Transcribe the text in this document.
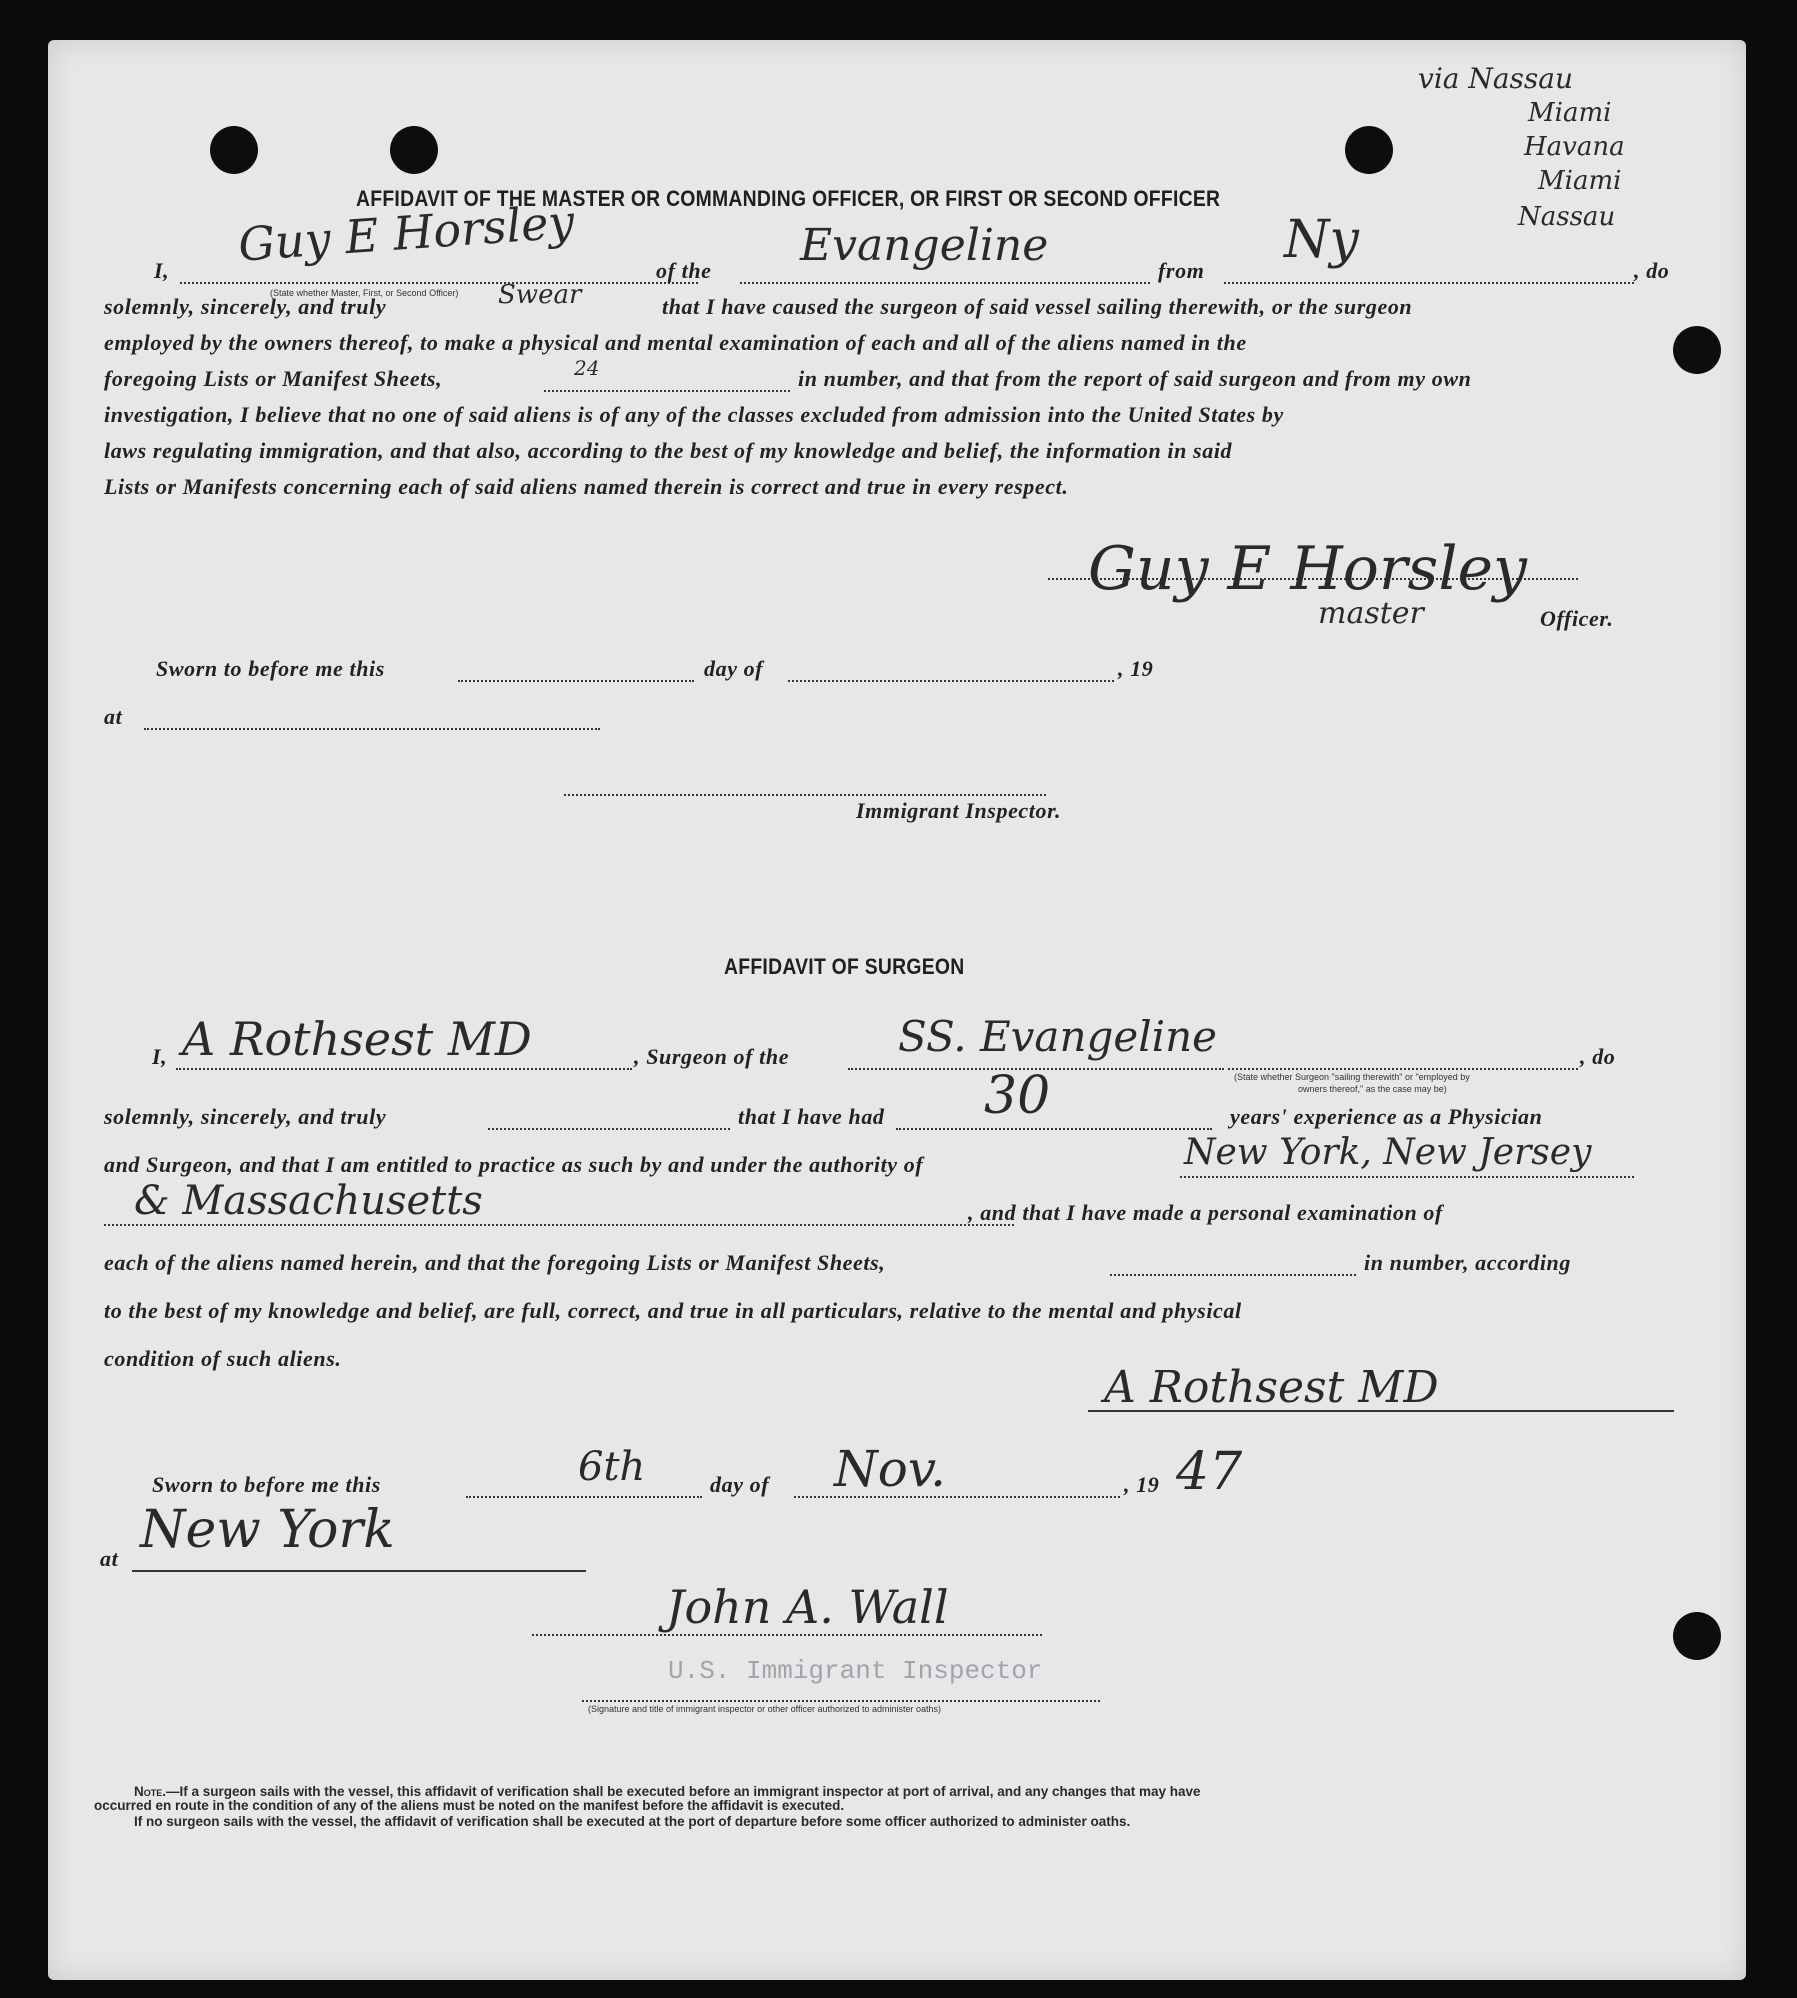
via Nassau
Miami
Havana
Miami
Nassau
AFFIDAVIT OF THE MASTER OR COMMANDING OFFICER, OR FIRST OR SECOND OFFICER
I, Guy E Horsley
(State whether Master, First, or Second Officer)
of the Evangeline	from
Ny
, do
solemnly, sincerely, and truly	Swear	that I have caused the surgeon of said vessel sailing therewith, or the surgeon
employed by the owners thereof, to make a physical and mental examination of each and all of the aliens named in the
foregoing Lists or Manifest Sheets,	24	in number, and that from the report of said surgeon and from my own
investigation, I believe that no one of said aliens is of any of the classes excluded from admission into the United States by
laws regulating immigration, and that also, according to the best of my knowledge and belief, the information in said
Lists or Manifests concerning each of said aliens named therein is correct and true in every respect.
Guy E Horsley
master	Officer.
Sworn to before me this	day of	, 19
at
Immigrant Inspector.
AFFIDAVIT OF SURGEON
I, A Rothsest MD	, Surgeon of the	SS. Evangeline	, do
(State whether Surgeon "sailing therewith" or "employed by
owners thereof," as the case may be)
solemnly, sincerely, and truly	that I have had 30	years' experience as a Physician
and Surgeon, and that I am entitled to practice as such by and under the authority of	New York, New Jersey
& Massachusetts	, and that I have made a personal examination of
each of the aliens named herein, and that the foregoing Lists or Manifest Sheets,	in number, according
to the best of my knowledge and belief, are full, correct, and true in all particulars, relative to the mental and physical
condition of such aliens.
A Rothsest MD
Sworn to before me this	6th	day of Nov.	, 19 47
at New York
John A. Wall
U.S. Immigrant Inspector
(Signature and title of immigrant inspector or other officer authorized to administer oaths)
Note.—If a surgeon sails with the vessel, this affidavit of verification shall be executed before an immigrant inspector at port of arrival, and any changes that may have
occurred en route in the condition of any of the aliens must be noted on the manifest before the affidavit is executed.
If no surgeon sails with the vessel, the affidavit of verification shall be executed at the port of departure before some officer authorized to administer oaths.
